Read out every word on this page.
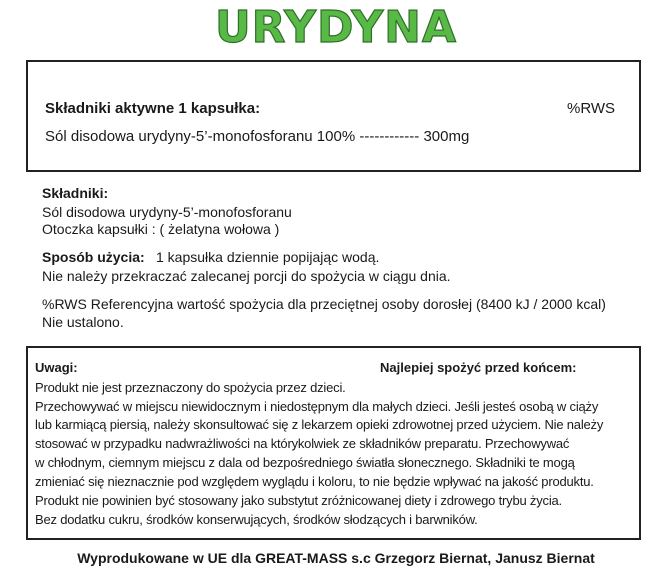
URYDYNA
Składniki aktywne 1 kapsułka:	%RWS
Sól disodowa urydyny-5’-monofosforanu 100% ------------ 300mg
Składniki:
Sól disodowa urydyny-5’-monofosforanu
Otoczka kapsułki : ( żelatyna wołowa )
Sposób użycia: 1 kapsułka dziennie popijając wodą.
Nie należy przekraczać zalecanej porcji do spożycia w ciągu dnia.
%RWS Referencyjna wartość spożycia dla przeciętnej osoby dorosłej (8400 kJ / 2000 kcal)
Nie ustalono.
Uwagi:	Najlepiej spożyć przed końcem:
Produkt nie jest przeznaczony do spożycia przez dzieci.
Przechowywać w miejscu niewidocznym i niedostępnym dla małych dzieci. Jeśli jesteś osobą w ciąży
lub karmiącą piersią, należy skonsultować się z lekarzem opieki zdrowotnej przed użyciem. Nie należy
stosować w przypadku nadwrażliwości na którykolwiek ze składników preparatu. Przechowywać
w chłodnym, ciemnym miejscu z dala od bezpośredniego światła słonecznego. Składniki te mogą
zmieniać się nieznacznie pod względem wyglądu i koloru, to nie będzie wpływać na jakość produktu.
Produkt nie powinien być stosowany jako substytut zróżnicowanej diety i zdrowego trybu życia.
Bez dodatku cukru, środków konserwujących, środków słodzących i barwników.
Wyprodukowane w UE dla GREAT-MASS s.c Grzegorz Biernat, Janusz Biernat
